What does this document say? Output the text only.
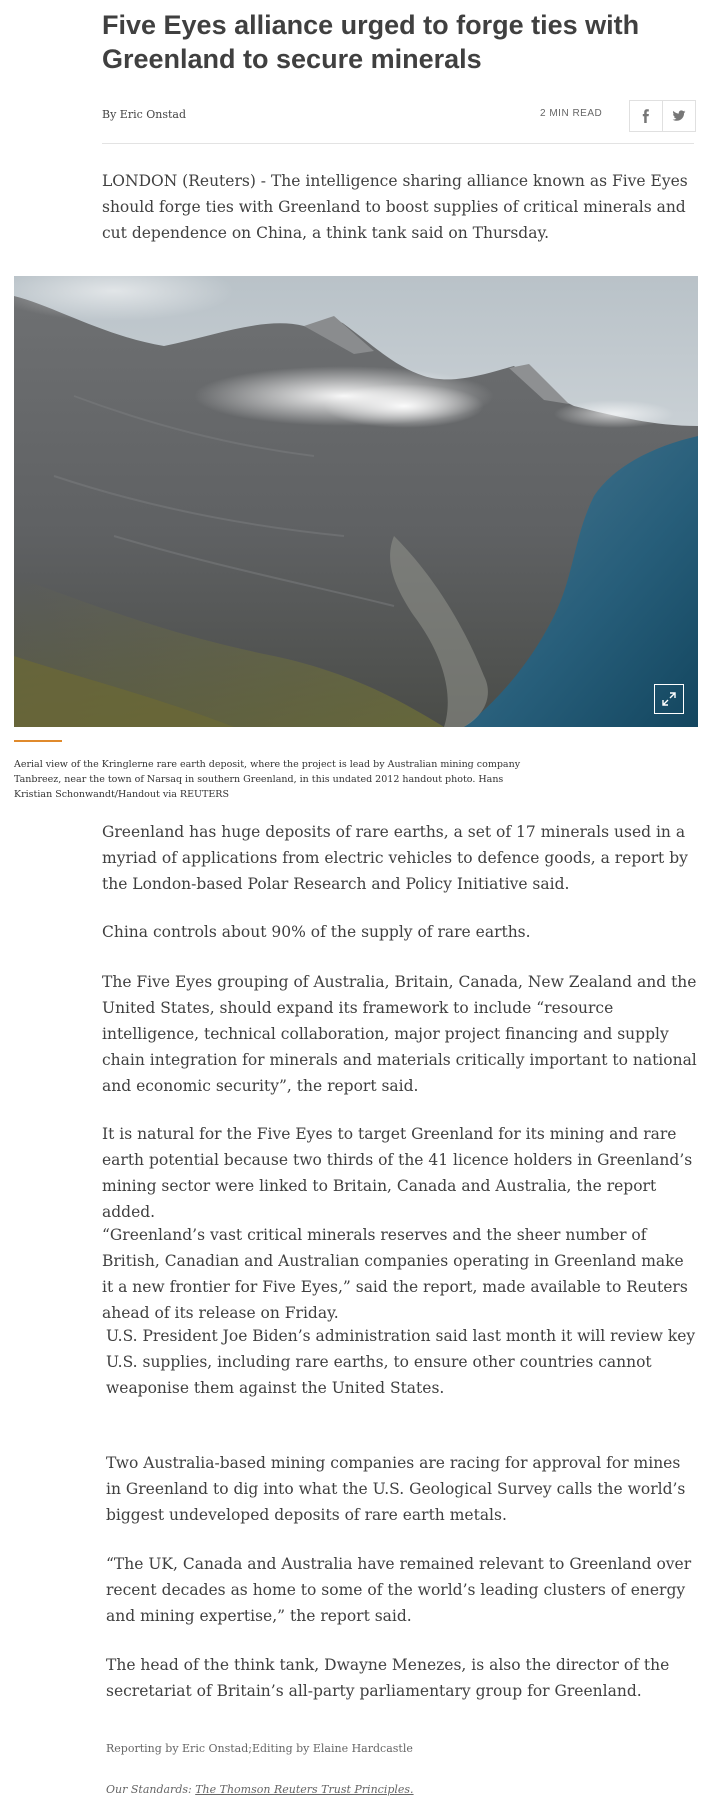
Five Eyes alliance urged to forge ties with Greenland to secure minerals
By Eric Onstad	2 MIN READ

LONDON (Reuters) - The intelligence sharing alliance known as Five Eyes should forge ties with Greenland to boost supplies of critical minerals and cut dependence on China, a think tank said on Thursday.

Aerial view of the Kringlerne rare earth deposit, where the project is lead by Australian mining company Tanbreez, near the town of Narsaq in southern Greenland, in this undated 2012 handout photo. Hans Kristian Schonwandt/Handout via REUTERS

Greenland has huge deposits of rare earths, a set of 17 minerals used in a myriad of applications from electric vehicles to defence goods, a report by the London-based Polar Research and Policy Initiative said.

China controls about 90% of the supply of rare earths.

The Five Eyes grouping of Australia, Britain, Canada, New Zealand and the United States, should expand its framework to include “resource intelligence, technical collaboration, major project financing and supply chain integration for minerals and materials critically important to national and economic security”, the report said.

It is natural for the Five Eyes to target Greenland for its mining and rare earth potential because two thirds of the 41 licence holders in Greenland’s mining sector were linked to Britain, Canada and Australia, the report added.

“Greenland’s vast critical minerals reserves and the sheer number of British, Canadian and Australian companies operating in Greenland make it a new frontier for Five Eyes,” said the report, made available to Reuters ahead of its release on Friday.

U.S. President Joe Biden’s administration said last month it will review key U.S. supplies, including rare earths, to ensure other countries cannot weaponise them against the United States.

Two Australia-based mining companies are racing for approval for mines in Greenland to dig into what the U.S. Geological Survey calls the world’s biggest undeveloped deposits of rare earth metals.

“The UK, Canada and Australia have remained relevant to Greenland over recent decades as home to some of the world’s leading clusters of energy and mining expertise,” the report said.

The head of the think tank, Dwayne Menezes, is also the director of the secretariat of Britain’s all-party parliamentary group for Greenland.

Reporting by Eric Onstad;Editing by Elaine Hardcastle
Our Standards: The Thomson Reuters Trust Principles.
